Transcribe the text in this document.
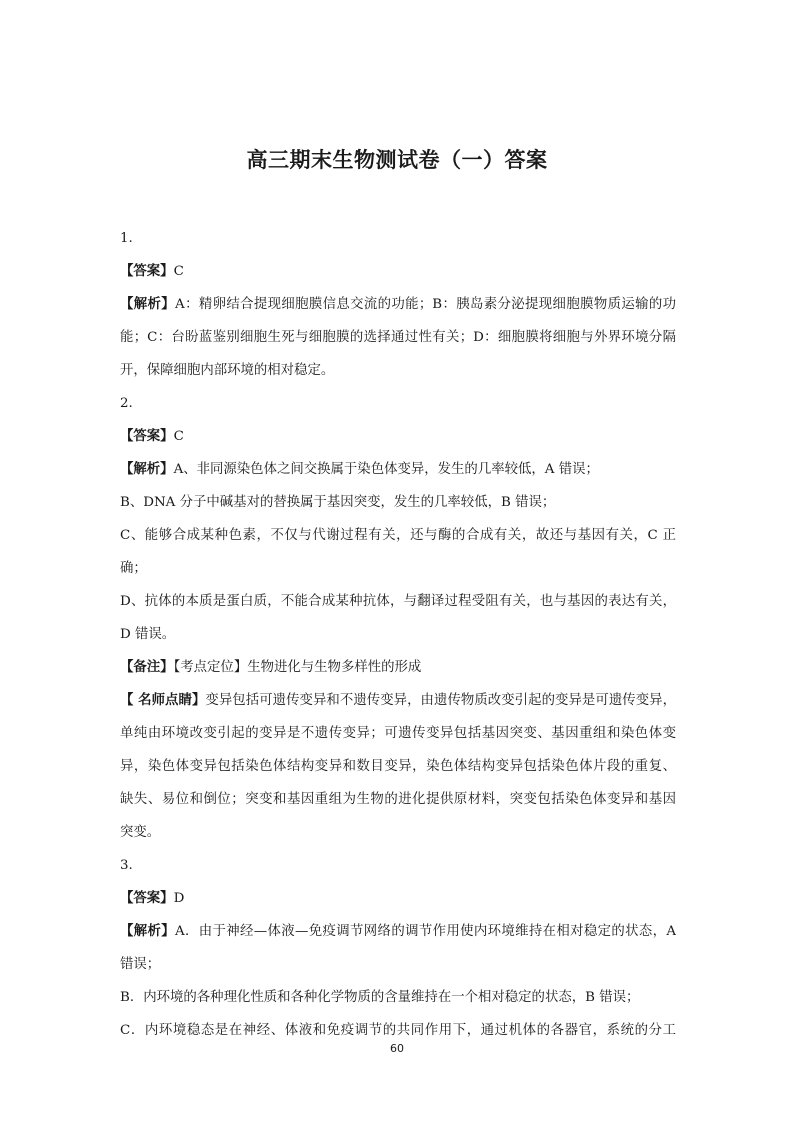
高三期末生物测试卷（一）答案
1.
【答案】C
【解析】A：精卵结合提现细胞膜信息交流的功能；B：胰岛素分泌提现细胞膜物质运输的功
能；C：台盼蓝鉴别细胞生死与细胞膜的选择通过性有关；D：细胞膜将细胞与外界环境分隔
开，保障细胞内部环境的相对稳定。
2.
【答案】C
【解析】A、非同源染色体之间交换属于染色体变异，发生的几率较低，A 错误；
B、DNA 分子中碱基对的替换属于基因突变，发生的几率较低，B 错误；
C、能够合成某种色素，不仅与代谢过程有关，还与酶的合成有关，故还与基因有关，C 正
确；
D、抗体的本质是蛋白质，不能合成某种抗体，与翻译过程受阻有关，也与基因的表达有关，
D 错误。
【备注】【考点定位】生物进化与生物多样性的形成
【 名师点睛】变异包括可遗传变异和不遗传变异，由遗传物质改变引起的变异是可遗传变异，
单纯由环境改变引起的变异是不遗传变异；可遗传变异包括基因突变、基因重组和染色体变
异，染色体变异包括染色体结构变异和数目变异，染色体结构变异包括染色体片段的重复、
缺失、易位和倒位；突变和基因重组为生物的进化提供原材料，突变包括染色体变异和基因
突变。
3.
【答案】D
【解析】A．由于神经—体液—免疫调节网络的调节作用使内环境维持在相对稳定的状态，A
错误；
B．内环境的各种理化性质和各种化学物质的含量维持在一个相对稳定的状态，B 错误；
C．内环境稳态是在神经、体液和免疫调节的共同作用下，通过机体的各器官，系统的分工
60
